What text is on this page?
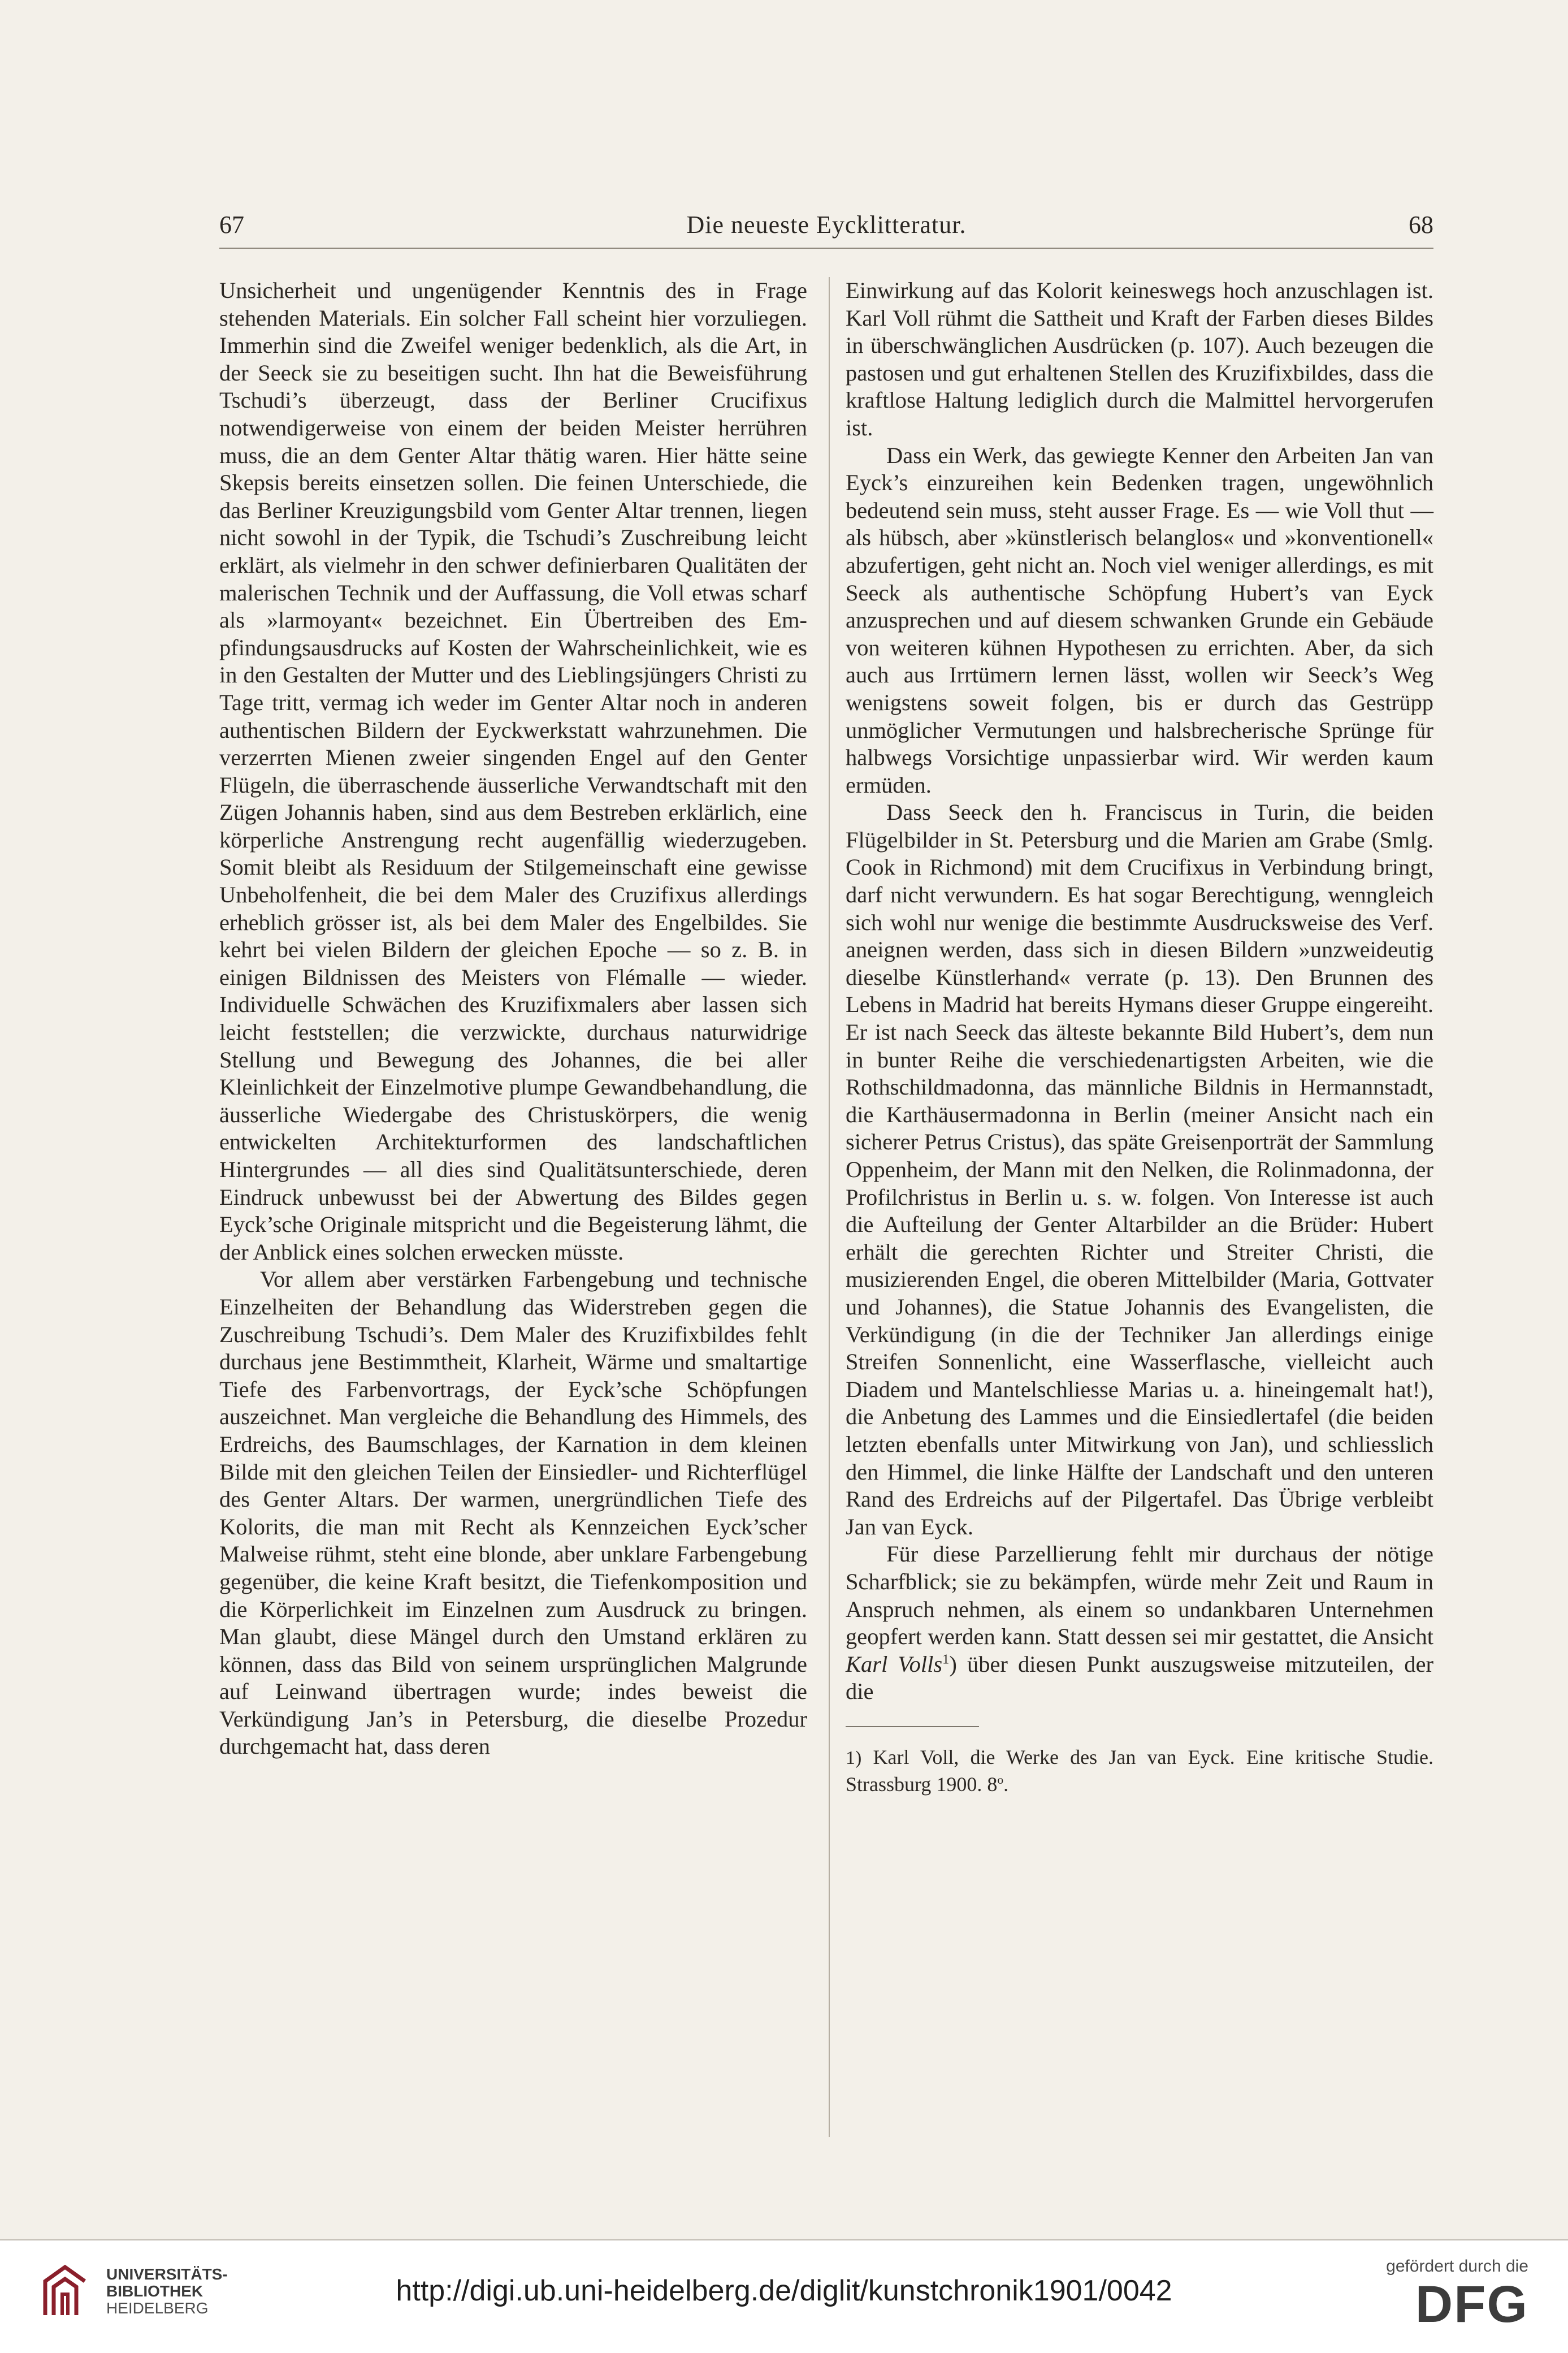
67	Die neueste Eycklitteratur.	68

Unsicherheit und ungenügender Kenntnis des in Frage stehenden Materials. Ein solcher Fall scheint hier vorzuliegen. Immerhin sind die Zweifel weniger bedenklich, als die Art, in der Seeck sie zu beseitigen sucht. Ihn hat die Beweisführung Tschudi’s überzeugt, dass der Berliner Crucifixus notwendigerweise von einem der beiden Meister herrühren muss, die an dem Genter Altar thätig waren. Hier hätte seine Skepsis bereits einsetzen sollen. Die feinen Unterschiede, die das Berliner Kreuzigungsbild vom Genter Altar trennen, liegen nicht sowohl in der Typik, die Tschudi’s Zuschreibung leicht erklärt, als vielmehr in den schwer definierbaren Qualitäten der malerischen Technik und der Auffassung, die Voll etwas scharf als »larmoyant« bezeichnet. Ein Übertreiben des Empfindungsausdrucks auf Kosten der Wahrscheinlichkeit, wie es in den Gestalten der Mutter und des Lieblingsjüngers Christi zu Tage tritt, vermag ich weder im Genter Altar noch in anderen authentischen Bildern der Eyckwerkstatt wahrzunehmen. Die verzerrten Mienen zweier singenden Engel auf den Genter Flügeln, die überraschende äusserliche Verwandtschaft mit den Zügen Johannis haben, sind aus dem Bestreben erklärlich, eine körperliche Anstrengung recht augenfällig wiederzugeben. Somit bleibt als Residuum der Stilgemeinschaft eine gewisse Unbeholfenheit, die bei dem Maler des Cruzifixus allerdings erheblich grösser ist, als bei dem Maler des Engelbildes. Sie kehrt bei vielen Bildern der gleichen Epoche — so z. B. in einigen Bildnissen des Meisters von Flémalle — wieder. Individuelle Schwächen des Kruzifixmalers aber lassen sich leicht feststellen; die verzwickte, durchaus naturwidrige Stellung und Bewegung des Johannes, die bei aller Kleinlichkeit der Einzelmotive plumpe Gewandbehandlung, die äusserliche Wiedergabe des Christuskörpers, die wenig entwickelten Architekturformen des landschaftlichen Hintergrundes — all dies sind Qualitätsunterschiede, deren Eindruck unbewusst bei der Abwertung des Bildes gegen Eyck’sche Originale mitspricht und die Begeisterung lähmt, die der Anblick eines solchen erwecken müsste.

Vor allem aber verstärken Farbengebung und technische Einzelheiten der Behandlung das Widerstreben gegen die Zuschreibung Tschudi’s. Dem Maler des Kruzifixbildes fehlt durchaus jene Bestimmtheit, Klarheit, Wärme und smaltartige Tiefe des Farbenvortrags, der Eyck’sche Schöpfungen auszeichnet. Man vergleiche die Behandlung des Himmels, des Erdreichs, des Baumschlages, der Karnation in dem kleinen Bilde mit den gleichen Teilen der Einsiedler- und Richterflügel des Genter Altars. Der warmen, unergründlichen Tiefe des Kolorits, die man mit Recht als Kennzeichen Eyck’scher Malweise rühmt, steht eine blonde, aber unklare Farbengebung gegenüber, die keine Kraft besitzt, die Tiefenkomposition und die Körperlichkeit im Einzelnen zum Ausdruck zu bringen. Man glaubt, diese Mängel durch den Umstand erklären zu können, dass das Bild von seinem ursprünglichen Malgrunde auf Leinwand übertragen wurde; indes beweist die Verkündigung Jan’s in Petersburg, die dieselbe Prozedur durchgemacht hat, dass deren

Einwirkung auf das Kolorit keineswegs hoch anzuschlagen ist. Karl Voll rühmt die Sattheit und Kraft der Farben dieses Bildes in überschwänglichen Ausdrücken (p. 107). Auch bezeugen die pastosen und gut erhaltenen Stellen des Kruzifixbildes, dass die kraftlose Haltung lediglich durch die Malmittel hervorgerufen ist.

Dass ein Werk, das gewiegte Kenner den Arbeiten Jan van Eyck’s einzureihen kein Bedenken tragen, ungewöhnlich bedeutend sein muss, steht ausser Frage. Es — wie Voll thut — als hübsch, aber »künstlerisch belanglos« und »konventionell« abzufertigen, geht nicht an. Noch viel weniger allerdings, es mit Seeck als authentische Schöpfung Hubert’s van Eyck anzusprechen und auf diesem schwanken Grunde ein Gebäude von weiteren kühnen Hypothesen zu errichten. Aber, da sich auch aus Irrtümern lernen lässt, wollen wir Seeck’s Weg wenigstens soweit folgen, bis er durch das Gestrüpp unmöglicher Vermutungen und halsbrecherische Sprünge für halbwegs Vorsichtige unpassierbar wird. Wir werden kaum ermüden.

Dass Seeck den h. Franciscus in Turin, die beiden Flügelbilder in St. Petersburg und die Marien am Grabe (Smlg. Cook in Richmond) mit dem Crucifixus in Verbindung bringt, darf nicht verwundern. Es hat sogar Berechtigung, wenngleich sich wohl nur wenige die bestimmte Ausdrucksweise des Verf. aneignen werden, dass sich in diesen Bildern »unzweideutig dieselbe Künstlerhand« verrate (p. 13). Den Brunnen des Lebens in Madrid hat bereits Hymans dieser Gruppe eingereiht. Er ist nach Seeck das älteste bekannte Bild Hubert’s, dem nun in bunter Reihe die verschiedenartigsten Arbeiten, wie die Rothschildmadonna, das männliche Bildnis in Hermannstadt, die Karthäusermadonna in Berlin (meiner Ansicht nach ein sicherer Petrus Cristus), das späte Greisenporträt der Sammlung Oppenheim, der Mann mit den Nelken, die Rolinmadonna, der Profilchristus in Berlin u. s. w. folgen. Von Interesse ist auch die Aufteilung der Genter Altarbilder an die Brüder: Hubert erhält die gerechten Richter und Streiter Christi, die musizierenden Engel, die oberen Mittelbilder (Maria, Gottvater und Johannes), die Statue Johannis des Evangelisten, die Verkündigung (in die der Techniker Jan allerdings einige Streifen Sonnenlicht, eine Wasserflasche, vielleicht auch Diadem und Mantelschliesse Marias u. a. hineingemalt hat!), die Anbetung des Lammes und die Einsiedlertafel (die beiden letzten ebenfalls unter Mitwirkung von Jan), und schliesslich den Himmel, die linke Hälfte der Landschaft und den unteren Rand des Erdreichs auf der Pilgertafel. Das Übrige verbleibt Jan van Eyck.

Für diese Parzellierung fehlt mir durchaus der nötige Scharfblick; sie zu bekämpfen, würde mehr Zeit und Raum in Anspruch nehmen, als einem so undankbaren Unternehmen geopfert werden kann. Statt dessen sei mir gestattet, die Ansicht Karl Volls$^1$) über diesen Punkt auszugsweise mitzuteilen, der die

1) Karl Voll, die Werke des Jan van Eyck. Eine kritische Studie. Strassburg 1900. 8$^o$.
UNIVERSITÄTS-
BIBLIOTHEK
HEIDELBERG
http://digi.ub.uni-heidelberg.de/diglit/kunstchronik1901/0042
gefördert durch die
DFG
